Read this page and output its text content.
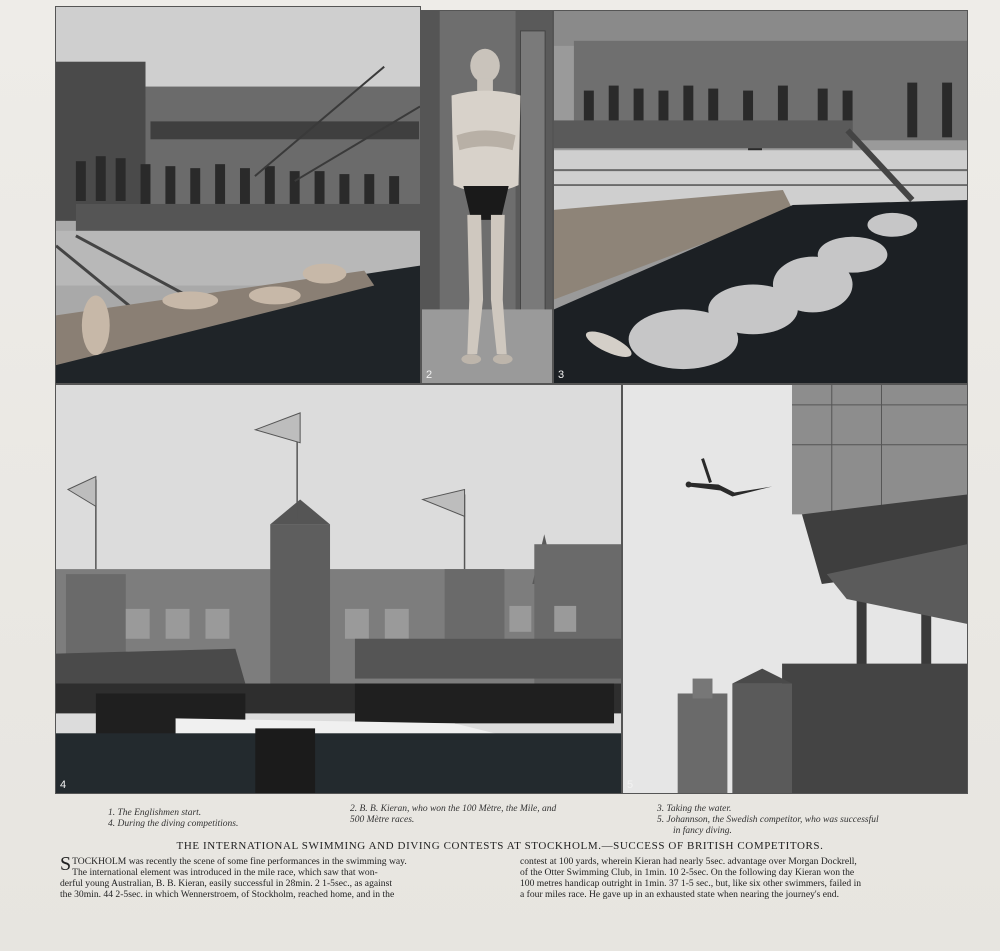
2	3
4	5
1. The Englishmen start.
4. During the diving competitions.
2. B. B. Kieran, who won the 100 Mètre, the Mile, and
500 Mètre races.
3. Taking the water.
5. Johannson, the Swedish competitor, who was successful
in fancy diving.
THE INTERNATIONAL SWIMMING AND DIVING CONTESTS AT STOCKHOLM.—SUCCESS OF BRITISH COMPETITORS.
S TOCKHOLM was recently the scene of some fine performances in the swimming way.
The international element was introduced in the mile race, which saw that won-
derful young Australian, B. B. Kieran, easily successful in 28min. 2 1-5sec., as against
the 30min. 44 2-5sec. in which Wennerstroem, of Stockholm, reached home, and in the
contest at 100 yards, wherein Kieran had nearly 5sec. advantage over Morgan Dockrell,
of the Otter Swimming Club, in 1min. 10 2-5sec. On the following day Kieran won the
100 metres handicap outright in 1min. 37 1-5 sec., but, like six other swimmers, failed in
a four miles race. He gave up in an exhausted state when nearing the journey's end.
